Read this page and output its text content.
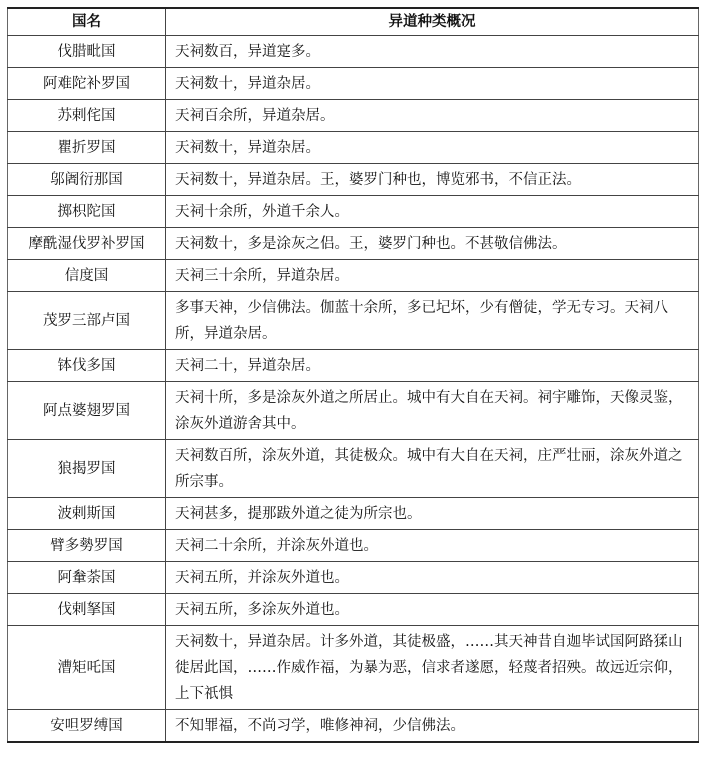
国名	异道种类概况
伐腊毗国	天祠数百，异道寔多。
阿难陀补罗国	天祠数十，异道杂居。
苏剌侘国	天祠百余所，异道杂居。
瞿折罗国	天祠数十，异道杂居。
邬阇衍那国	天祠数十，异道杂居。王，婆罗门种也，博览邪书，不信正法。
掷枳陀国	天祠十余所，外道千余人。
摩酰湿伐罗补罗国	天祠数十，多是涂灰之侣。王，婆罗门种也。不甚敬信佛法。
信度国	天祠三十余所，异道杂居。
茂罗三部卢国	多事天神，少信佛法。伽蓝十余所，多已圮坏，少有僧徒，学无专习。天祠八所，异道杂居。
钵伐多国	天祠二十，异道杂居。
阿点婆翅罗国	天祠十所，多是涂灰外道之所居止。城中有大自在天祠。祠宇雕饰，天像灵鉴，涂灰外道游舍其中。
狼揭罗国	天祠数百所，涂灰外道，其徒极众。城中有大自在天祠，庄严壮丽，涂灰外道之所宗事。
波剌斯国	天祠甚多，提那跋外道之徒为所宗也。
臂多勢罗国	天祠二十余所，并涂灰外道也。
阿軬荼国	天祠五所，并涂灰外道也。
伐剌拏国	天祠五所，多涂灰外道也。
漕矩吒国	天祠数十，异道杂居。计多外道，其徒极盛，……其天神昔自迦毕试国阿路猱山徙居此国，……作威作福，为暴为恶，信求者遂愿，轻蔑者招殃。故远近宗仰，上下祇惧
安呾罗缚国	不知罪福，不尚习学，唯修神祠，少信佛法。
